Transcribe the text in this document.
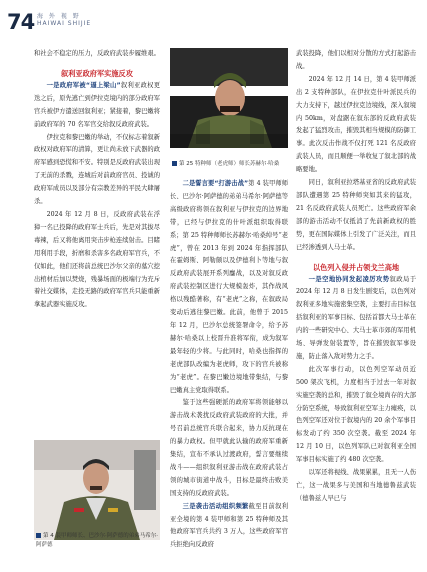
74 海 外 视 野
HAIWAI SHIJIE

和社会不稳定的压力，反政府武装步履维艰。

叙利亚政府军实施反攻

一是政府军被“逼上梁山”叙利亚政权更迭之后，原先逃亡到伊拉克境内的部分政府军官兵被伊方遣送回叙利亚；紧接着，黎巴嫩将前政府军的 70 名军官交给叙反政府武装。

伊拉克和黎巴嫩的举动，不仅标志着叙新政权对政府军的清算，更让尚未放下武器的政府军感到恐慌和不安。特别是反政府武装出现了无前的杀戮，连城后对前政府官员、投诚的政府军成员以及部分有宗教差异的平民大肆屠杀。

2024 年 12 月 8 日，反政府武装在浮獐一名已投降的政府军士兵后，先是对其拔尽毒辣，后又将他离用突击步枪连续射击。目睹用利用手段，折磨和杀害多名政府军官兵，不仅如此，他们还将前总统巴沙尔父亲的墓穴挖出棺材后加以焚烧，残暴场面的极端行为充斥着社交媒体，走投无路的政府军官兵只能重新拿起武器实施反攻。

第 4 装甲师师长、巴沙尔·阿萨德的弟弟马希尔·阿萨德
第 25 特种师（老虎师）师长苏赫尔·哈桑

二是誓言要“打游击战”第 4 装甲师师长、巴沙尔·阿萨德的弟弟马希尔·阿萨德等高级政府将领在叙利亚与伊拉克的边界地带，已经与伊拉克的什叶派组织取得联系；第 25 特种师师长苏赫尔·哈桑绰号“老虎”，曾在 2013 年到 2024 年指挥部队在霍姆斯、阿勒颇以及伊德利卜等地与叙反政府武装展开系列鏖战，以及对叙反政府武装控制区进行大规模轰炸，其作战风格以残酷著称，有“老虎”之称，在叙政局变动后逃往黎巴嫩。此前，他曾于 2015 年 12 月，巴沙尔总统签署命令，给予苏赫尔·哈桑以上校晋升准将军衔，成为叙军最年轻的少将。与此同时，哈桑也指挥的老虎部队改编为老虎师，攻下的官兵被称为“老虎”。在黎巴嫩边境地带集结，与黎巴嫩真主党取得联系。

鉴于这些强硬派的政府军将领能够以游击战术袭扰反政府武装政府的大批，并号召前总统官兵联合起来，协力反抗现在的暴力政权。但甲就此认输的政府军重新集结，宣布不承认过渡政府，誓言要继续战斗——组织叙利亚游击战在政府武装占领的城市街道中战斗，目标是最终击败美国支持的反政府武装。

三是袭击活动组织频繁截至目前叙利亚全境的第 4 装甲师和第 25 特种师及其他政府军官兵共约 3 万人，这些政府军官兵拒绝向反政府

武装投降，他们以相对分散的方式打起游击战。

2024 年 12 月 14 日，第 4 装甲师派出 2 支特种部队，在伊拉克什叶派民兵的大力支持下，越过伊拉克边境线，深入叙境内 50km，对盘踞在叙东部的反政府武装发起了猛烈攻击，摧毁其相当规模的防御工事。此次反击作战不仅打死 121 名反政府武装人员，而且顺便一举收复了叙北部的战略要地。

同日，叙利亚拉塔基亚省的反政府武装部队遭遇第 25 特种师突如其来的猛攻，21 名反政府武装人员死亡。这些政府军余部的游击活动不仅抵消了先前新政权的胜势，更在国际媒体上引发了广泛关注，而且已经渗透到人马士革。

以色列入侵并占领戈兰高地

一是空地协同发起凌厉攻势叙政局于 2024 年 12 月 8 日发生剧变后，以色列对叙利亚多地实施密集空袭，主要打击目标包括叙利亚的军事目标、包括首都大马士革在内的一些研究中心、大马士革市郊的军用机场、导弹发射装置等，旨在摧毁叙军事设施，防止落入敌对势力之手。

此次军事行动，以色列空军动员近 500 架次飞机，力度相当于过去一年对叙实施空袭的总和，摧毁了叙全境尚存的大部分防空系统，导致叙利亚空军主力瘫痪，以色列空军还对位于叙境内的 20 余个军事目标发动了约 350 次空袭。截至 2024 年 12 月 10 日，以色列军队已对叙利亚全国军事目标实施了约 480 次空袭。

以军还将视线、战果累累，且无一人伤亡，这一战果多与美国和当地德鲁兹武装（德鲁兹人早已与
